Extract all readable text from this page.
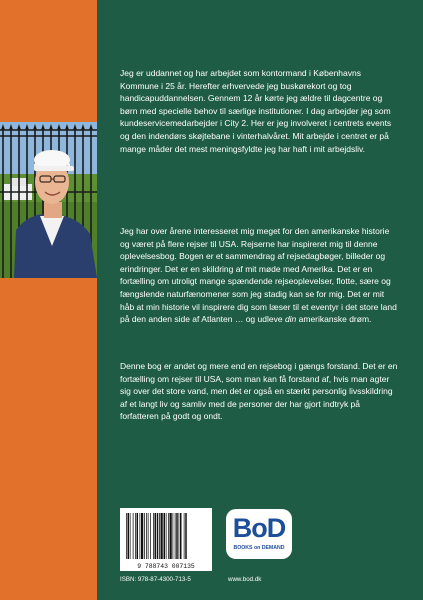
Jeg er uddannet og har arbejdet som kontormand i Københavns Kommune i 25 år. Herefter erhvervede jeg buskørekort og tog handicapuddannelsen. Gennem 12 år kørte jeg ældre til dagcentre og børn med specielle behov til særlige institutioner. I dag arbejder jeg som kundeservicemedarbejder i City 2. Her er jeg involveret i centrets events og den indendørs skøjtebane i vinterhalvåret. Mit arbejde i centret er på mange måder det mest meningsfyldte jeg har haft i mit arbejdsliv.
Jeg har over årene interesseret mig meget for den amerikanske historie og været på flere rejser til USA. Rejserne har inspireret mig til denne oplevelsesbog. Bogen er et sammendrag af rejsedagbøger, billeder og erindringer. Det er en skildring af mit møde med Amerika. Det er en fortælling om utroligt mange spændende rejseoplevelser, flotte, sære og fængslende naturfænomener som jeg stadig kan se for mig. Det er mit håb at min historie vil inspirere dig som læser til et eventyr i det store land på den anden side af Atlanten … og udleve din amerikanske drøm.
Denne bog er andet og mere end en rejsebog i gængs forstand. Det er en fortælling om rejser til USA, som man kan få forstand af, hvis man agter sig over det store vand, men det er også en stærkt personlig livsskildring af et langt liv og samliv med de personer der har gjort indtryk på forfatteren på godt og ondt.
9 788743 007135
ISBN: 978-87-4300-713-5
BoD
BOOKS on DEMAND
www.bod.dk
